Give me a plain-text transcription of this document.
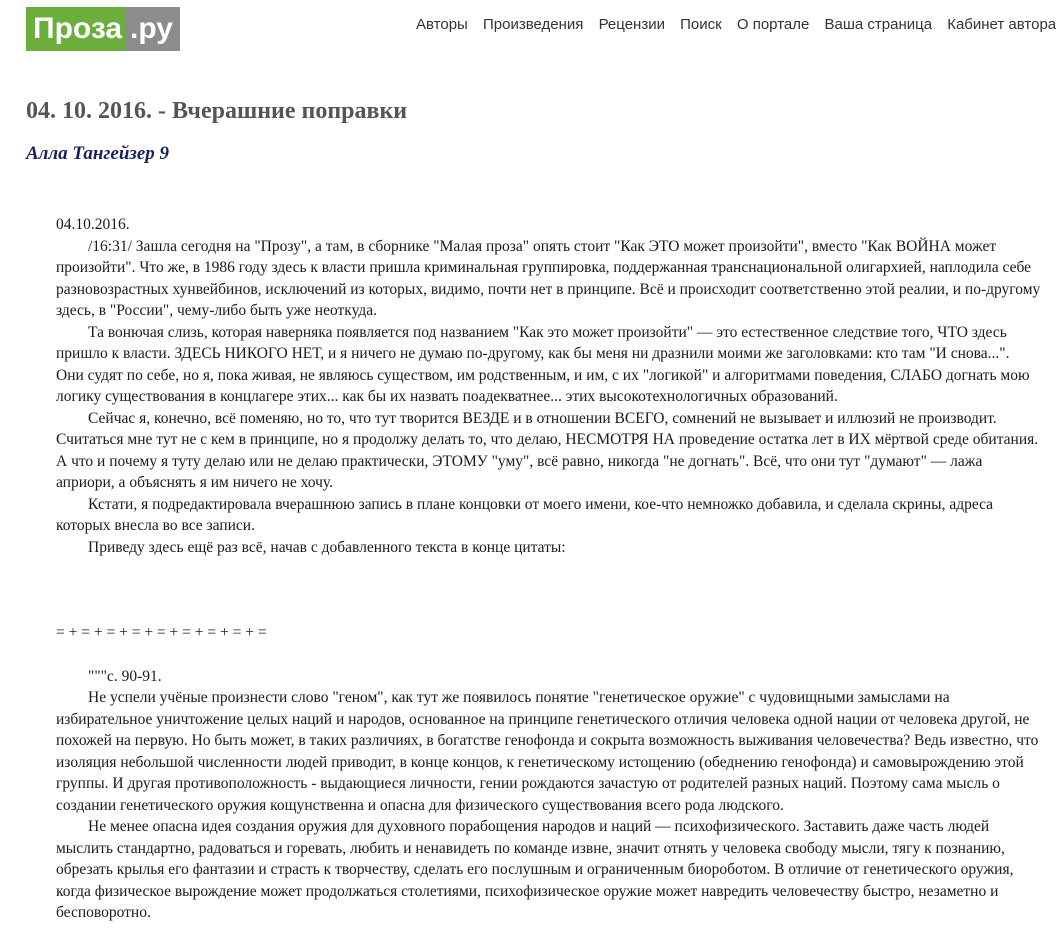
Проза .ру	Авторы Произведения Рецензии Поиск О портале Ваша страница Кабинет автора
04. 10. 2016. - Вчерашние поправки
Алла Тангейзер 9

04.10.2016.

/16:31/ Зашла сегодня на "Прозу", а там, в сборнике "Малая проза" опять стоит "Как ЭТО может произойти", вместо "Как ВОЙНА может произойти". Что же, в 1986 году здесь к власти пришла криминальная группировка, поддержанная транснациональной олигархией, наплодила себе разновозрастных хунвейбинов, исключений из которых, видимо, почти нет в принципе. Всё и происходит соответственно этой реалии, и по-другому здесь, в "России", чему-либо быть уже неоткуда.

Та вонючая слизь, которая наверняка появляется под названием "Как это может произойти" — это естественное следствие того, ЧТО здесь пришло к власти. ЗДЕСЬ НИКОГО НЕТ, и я ничего не думаю по-другому, как бы меня ни дразнили моими же заголовками: кто там "И снова...". Они судят по себе, но я, пока живая, не являюсь существом, им родственным, и им, с их "логикой" и алгоритмами поведения, СЛАБО догнать мою логику существования в концлагере этих... как бы их назвать поадекватнее... этих высокотехнологичных образований.

Сейчас я, конечно, всё поменяю, но то, что тут творится ВЕЗДЕ и в отношении ВСЕГО, сомнений не вызывает и иллюзий не производит. Считаться мне тут не с кем в принципе, но я продолжу делать то, что делаю, НЕСМОТРЯ НА проведение остатка лет в ИХ мёртвой среде обитания. А что и почему я туту делаю или не делаю практически, ЭТОМУ "уму", всё равно, никогда "не догнать". Всё, что они тут "думают" — лажа априори, а объяснять я им ничего не хочу.

Кстати, я подредактировала вчерашнюю запись в плане концовки от моего имени, кое-что немножко добавила, и сделала скрины, адреса которых внесла во все записи.

Приведу здесь ещё раз всё, начав с добавленного текста в конце цитаты:

= + = + = + = + = + = + = + = + =

"""с. 90-91.

Не успели учёные произнести слово "геном", как тут же появилось понятие "генетическое оружие" с чудовищными замыслами на избирательное уничтожение целых наций и народов, основанное на принципе генетического отличия человека одной нации от человека другой, не похожей на первую. Но быть может, в таких различиях, в богатстве генофонда и сокрыта возможность выживания человечества? Ведь известно, что изоляция небольшой численности людей приводит, в конце концов, к генетическому истощению (обеднению генофонда) и самовырождению этой группы. И другая противоположность - выдающиеся личности, гении рождаются зачастую от родителей разных наций. Поэтому сама мысль о создании генетического оружия кощунственна и опасна для физического существования всего рода людского.

Не менее опасна идея создания оружия для духовного порабощения народов и наций — психофизического. Заставить даже часть людей мыслить стандартно, радоваться и горевать, любить и ненавидеть по команде извне, значит отнять у человека свободу мысли, тягу к познанию, обрезать крылья его фантазии и страсть к творчеству, сделать его послушным и ограниченным биороботом. В отличие от генетического оружия, когда физическое вырождение может продолжаться столетиями, психофизическое оружие может навредить человечеству быстро, незаметно и бесповоротно.
